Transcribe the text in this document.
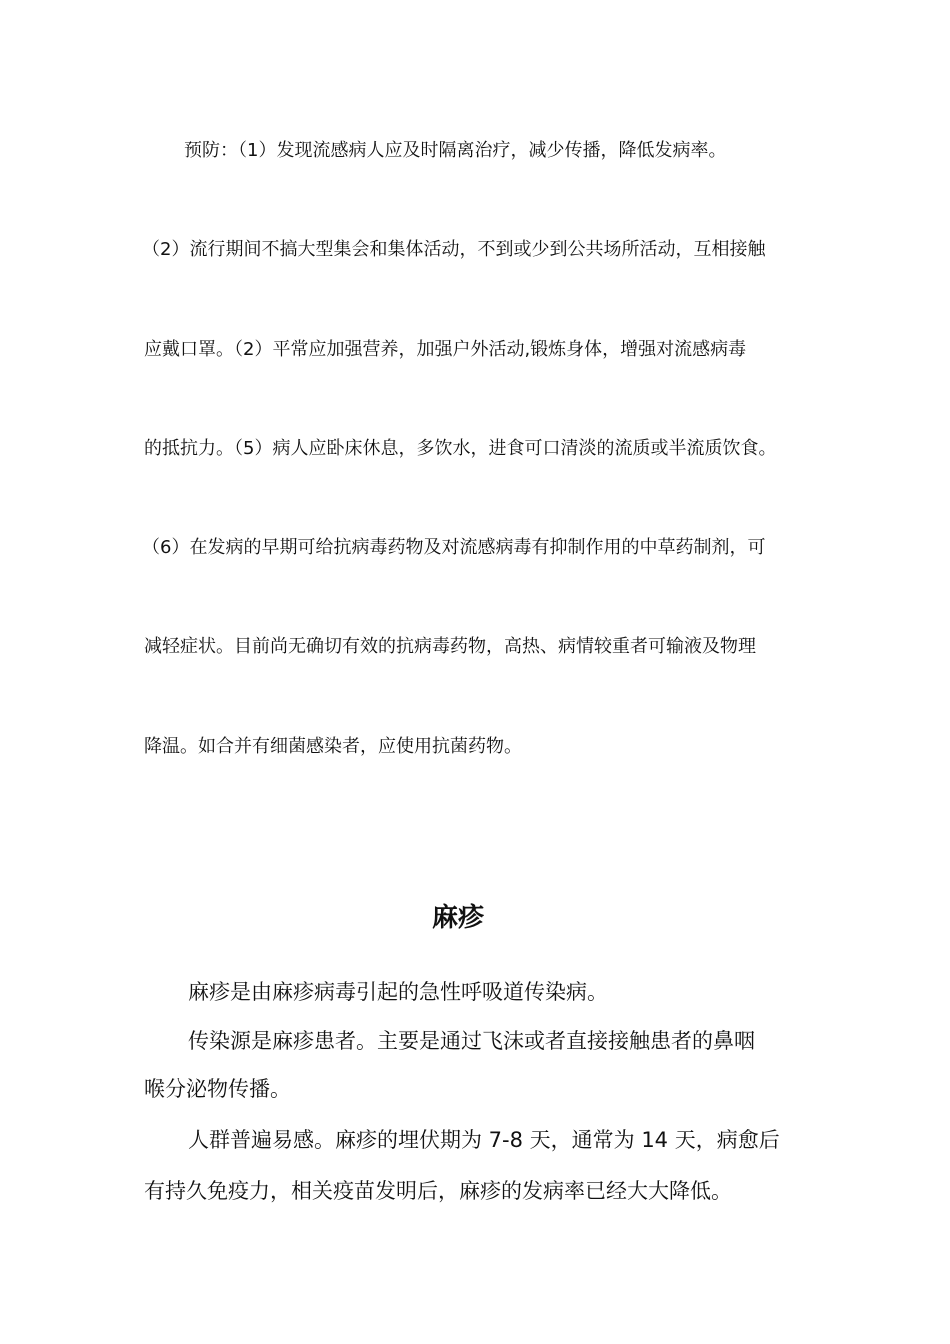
预防：（1）发现流感病人应及时隔离治疗，减少传播，降低发病率。

（2）流行期间不搞大型集会和集体活动，不到或少到公共场所活动，互相接触

应戴口罩。（2）平常应加强营养，加强户外活动,锻炼身体，增强对流感病毒

的抵抗力。（5）病人应卧床休息，多饮水，进食可口清淡的流质或半流质饮食。

（6）在发病的早期可给抗病毒药物及对流感病毒有抑制作用的中草药制剂，可

减轻症状。目前尚无确切有效的抗病毒药物，高热、病情较重者可输液及物理

降温。如合并有细菌感染者，应使用抗菌药物。

麻疹

麻疹是由麻疹病毒引起的急性呼吸道传染病。

传染源是麻疹患者。主要是通过飞沫或者直接接触患者的鼻咽

喉分泌物传播。

人群普遍易感。麻疹的埋伏期为 7-8 天，通常为 14 天，病愈后

有持久免疫力，相关疫苗发明后，麻疹的发病率已经大大降低。
